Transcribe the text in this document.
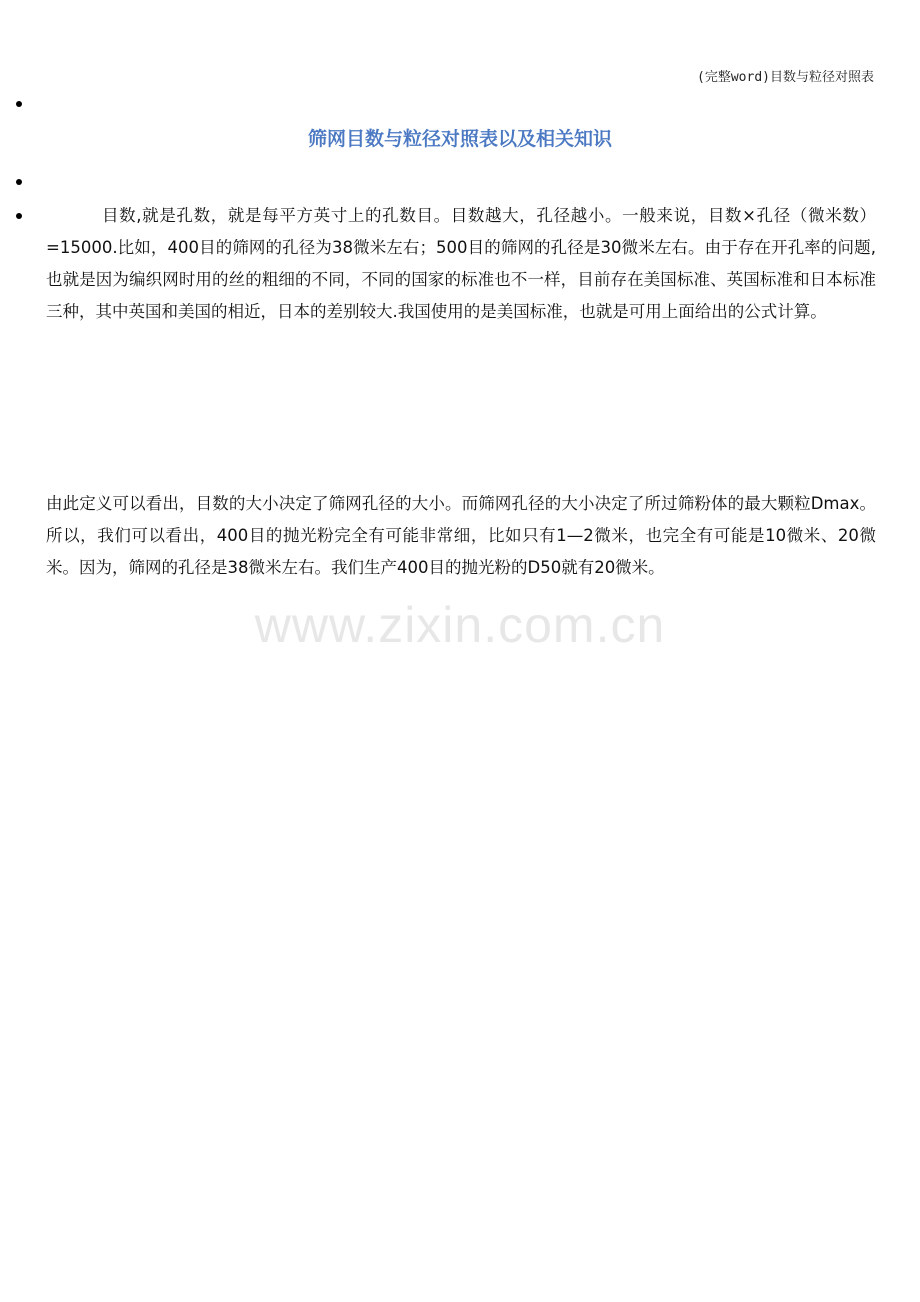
(完整word)目数与粒径对照表
筛网目数与粒径对照表以及相关知识
目数,就是孔数，就是每平方英寸上的孔数目。目数越大，孔径越小。一般来说，目数×孔径（微米数）=15000.比如，400目的筛网的孔径为38微米左右；500目的筛网的孔径是30微米左右。由于存在开孔率的问题,也就是因为编织网时用的丝的粗细的不同，不同的国家的标准也不一样，目前存在美国标准、英国标准和日本标准三种，其中英国和美国的相近，日本的差别较大.我国使用的是美国标准，也就是可用上面给出的公式计算。
由此定义可以看出，目数的大小决定了筛网孔径的大小。而筛网孔径的大小决定了所过筛粉体的最大颗粒Dmax。所以，我们可以看出，400目的抛光粉完全有可能非常细，比如只有1—2微米，也完全有可能是10微米、20微米。因为，筛网的孔径是38微米左右。我们生产400目的抛光粉的D50就有20微米。
www.zixin.com.cn
